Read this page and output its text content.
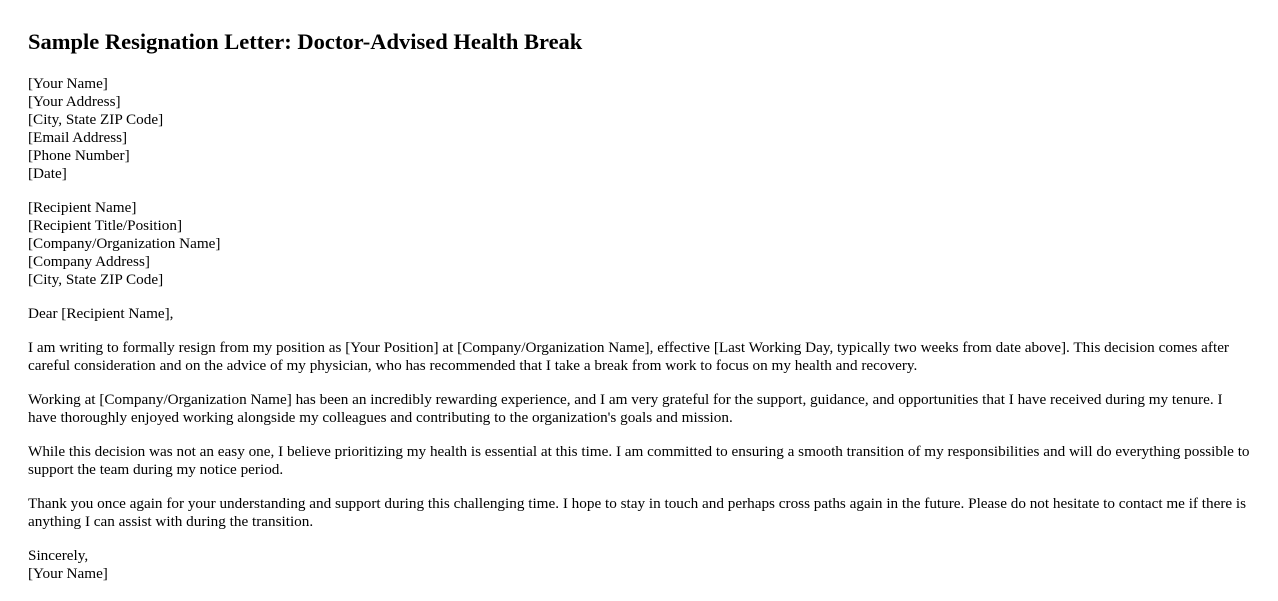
Sample Resignation Letter: Doctor-Advised Health Break
[Your Name]
[Your Address]
[City, State ZIP Code]
[Email Address]
[Phone Number]
[Date]
[Recipient Name]
[Recipient Title/Position]
[Company/Organization Name]
[Company Address]
[City, State ZIP Code]
Dear [Recipient Name],
I am writing to formally resign from my position as [Your Position] at [Company/Organization Name], effective [Last Working Day, typically two weeks from date above]. This decision comes after careful consideration and on the advice of my physician, who has recommended that I take a break from work to focus on my health and recovery.
Working at [Company/Organization Name] has been an incredibly rewarding experience, and I am very grateful for the support, guidance, and opportunities that I have received during my tenure. I have thoroughly enjoyed working alongside my colleagues and contributing to the organization's goals and mission.
While this decision was not an easy one, I believe prioritizing my health is essential at this time. I am committed to ensuring a smooth transition of my responsibilities and will do everything possible to support the team during my notice period.
Thank you once again for your understanding and support during this challenging time. I hope to stay in touch and perhaps cross paths again in the future. Please do not hesitate to contact me if there is anything I can assist with during the transition.
Sincerely,
[Your Name]
